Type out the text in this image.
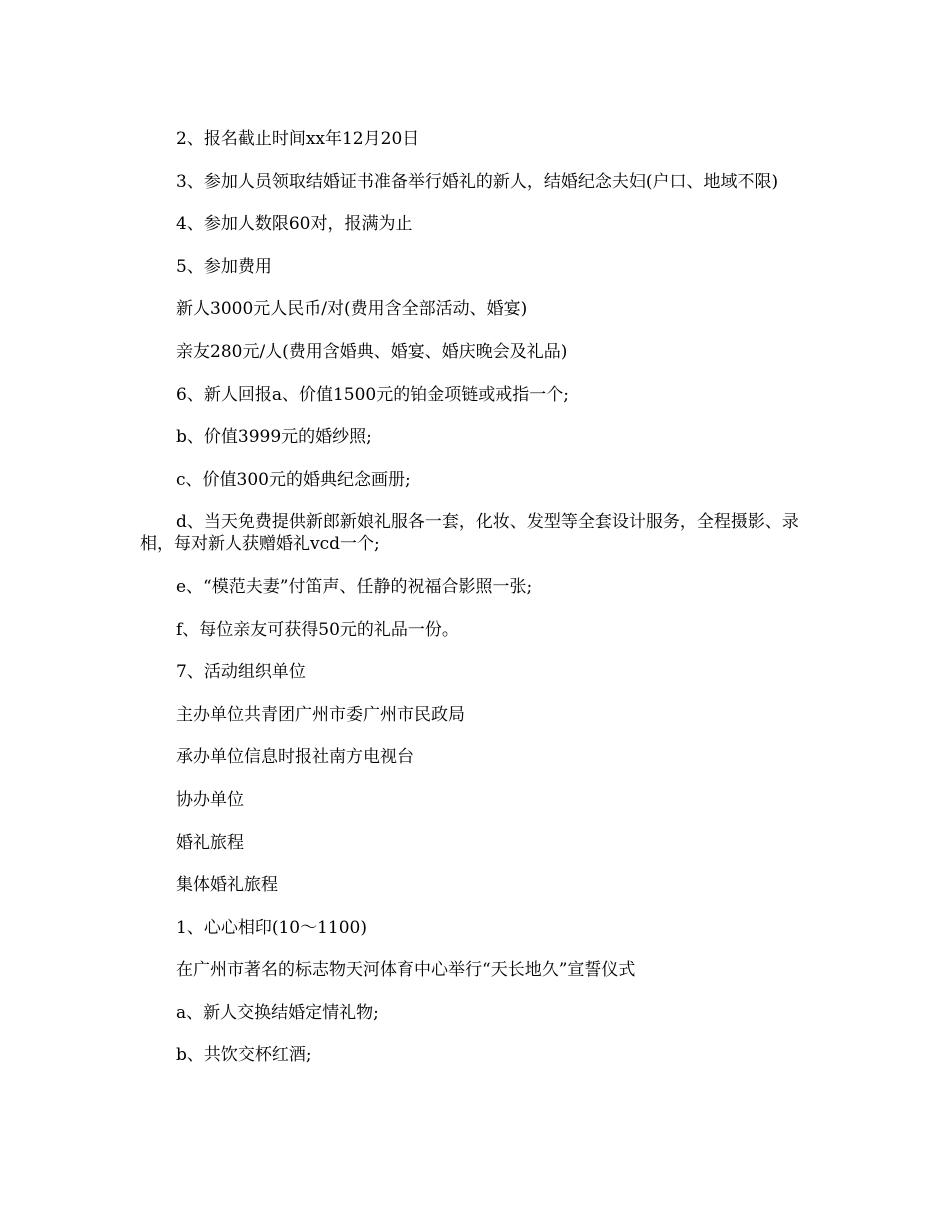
2、报名截止时间xx年12月20日

3、参加人员领取结婚证书准备举行婚礼的新人，结婚纪念夫妇(户口、地域不限)

4、参加人数限60对，报满为止

5、参加费用

新人3000元人民币/对(费用含全部活动、婚宴)

亲友280元/人(费用含婚典、婚宴、婚庆晚会及礼品)

6、新人回报a、价值1500元的铂金项链或戒指一个;

b、价值3999元的婚纱照;

c、价值300元的婚典纪念画册;

d、当天免费提供新郎新娘礼服各一套，化妆、发型等全套设计服务，全程摄影、录相，每对新人获赠婚礼vcd一个;

e、“模范夫妻”付笛声、任静的祝福合影照一张;

f、每位亲友可获得50元的礼品一份。

7、活动组织单位

主办单位共青团广州市委广州市民政局

承办单位信息时报社南方电视台

协办单位

婚礼旅程

集体婚礼旅程

1、心心相印(10～1100)

在广州市著名的标志物天河体育中心举行“天长地久”宣誓仪式

a、新人交换结婚定情礼物;

b、共饮交杯红酒;
